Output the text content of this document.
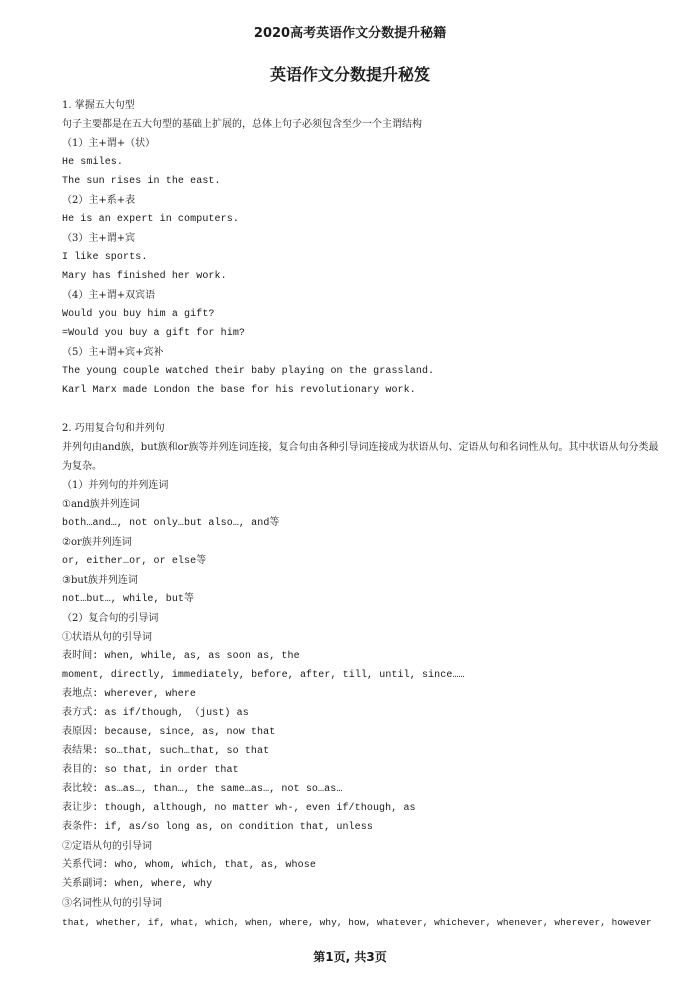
2020高考英语作文分数提升秘籍
英语作文分数提升秘笈
1. 掌握五大句型
句子主要都是在五大句型的基础上扩展的，总体上句子必须包含至少一个主谓结构
（1）主+谓+（状）
He smiles.
The sun rises in the east.
（2）主+系+表
He is an expert in computers.
（3）主+谓+宾
I like sports.
Mary has finished her work.
（4）主+谓+双宾语
Would you buy him a gift?
=Would you buy a gift for him?
（5）主+谓+宾+宾补
The young couple watched their baby playing on the grassland.
Karl Marx made London the base for his revolutionary work.
2. 巧用复合句和并列句
并列句由and族，but族和or族等并列连词连接，复合句由各种引导词连接成为状语从句、定语从句和名词性从句。其中状语从句分类最为复杂。
（1）并列句的并列连词
①and族并列连词
both…and…, not only…but also…, and等
②or族并列连词
or, either…or, or else等
③but族并列连词
not…but…, while, but等
（2）复合句的引导词
①状语从句的引导词
表时间: when, while, as, as soon as, the
moment, directly, immediately, before, after, till, until, since……
表地点: wherever, where
表方式: as if/though, （just) as
表原因: because, since, as, now that
表结果: so…that, such…that, so that
表目的: so that, in order that
表比较: as…as…, than…, the same…as…, not so…as…
表让步: though, although, no matter wh-, even if/though, as
表条件: if, as/so long as, on condition that, unless
②定语从句的引导词
关系代词: who, whom, which, that, as, whose
关系副词: when, where, why
③名词性从句的引导词
that, whether, if, what, which, when, where, why, how, whatever, whichever, whenever, wherever, however
第1页, 共3页
